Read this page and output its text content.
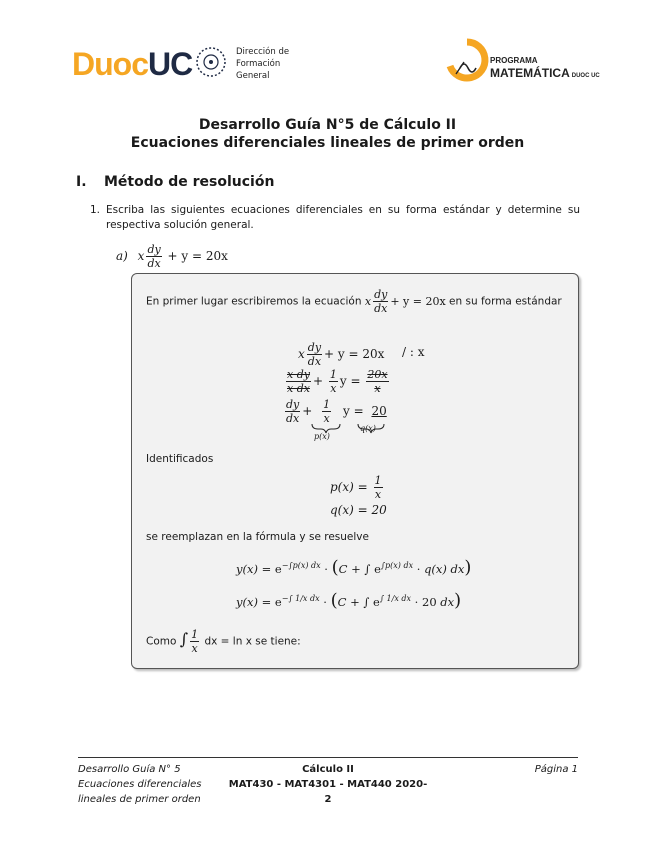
DuocUC	Dirección de
Formación
General
PROGRAMA
MATEMÁTICA DUOC UC
Desarrollo Guía N°5 de Cálculo II
Ecuaciones diferenciales lineales de primer orden
I. Método de resolución
1. Escriba las siguientes ecuaciones diferenciales en su forma estándar y determine su respectiva solución general.
a) x $\frac{dy}{dx} + y = 20x$
En primer lugar escribiremos la ecuación x $\frac{dy}{dx} + y = 20x$ en su forma estándar
x $\frac{dy}{dx} + y = 20x$ / : x
$\frac{\text{x dy}}{\text{x dx}} + \frac{1}{x}$ $y = \frac{20x}{x}$
$\frac{dy}{dx} + \frac{1}{x}$ y = 20
p(x)
q(x)
Identificados
$p(x) = \frac{1}{x}$
q(x) = 20
se reemplazan en la fórmula y se resuelve
$y(x) = e^{-\int p(x) dx} \cdot (C$ + ∫ $e^{\int p(x) dx} \cdot q(x)$ dx)
$y(x) = e^{-\int 1/x dx} \cdot (C$ + ∫ $e^{\int 1/x dx} \cdot 20$ dx)
Como ∫ $\frac{1}{x}$ dx = ln x se tiene:
Desarrollo Guía N° 5
Ecuaciones diferenciales
lineales de primer orden
Cálculo II
MAT430 - MAT4301 - MAT440 2020-2
Página 1
